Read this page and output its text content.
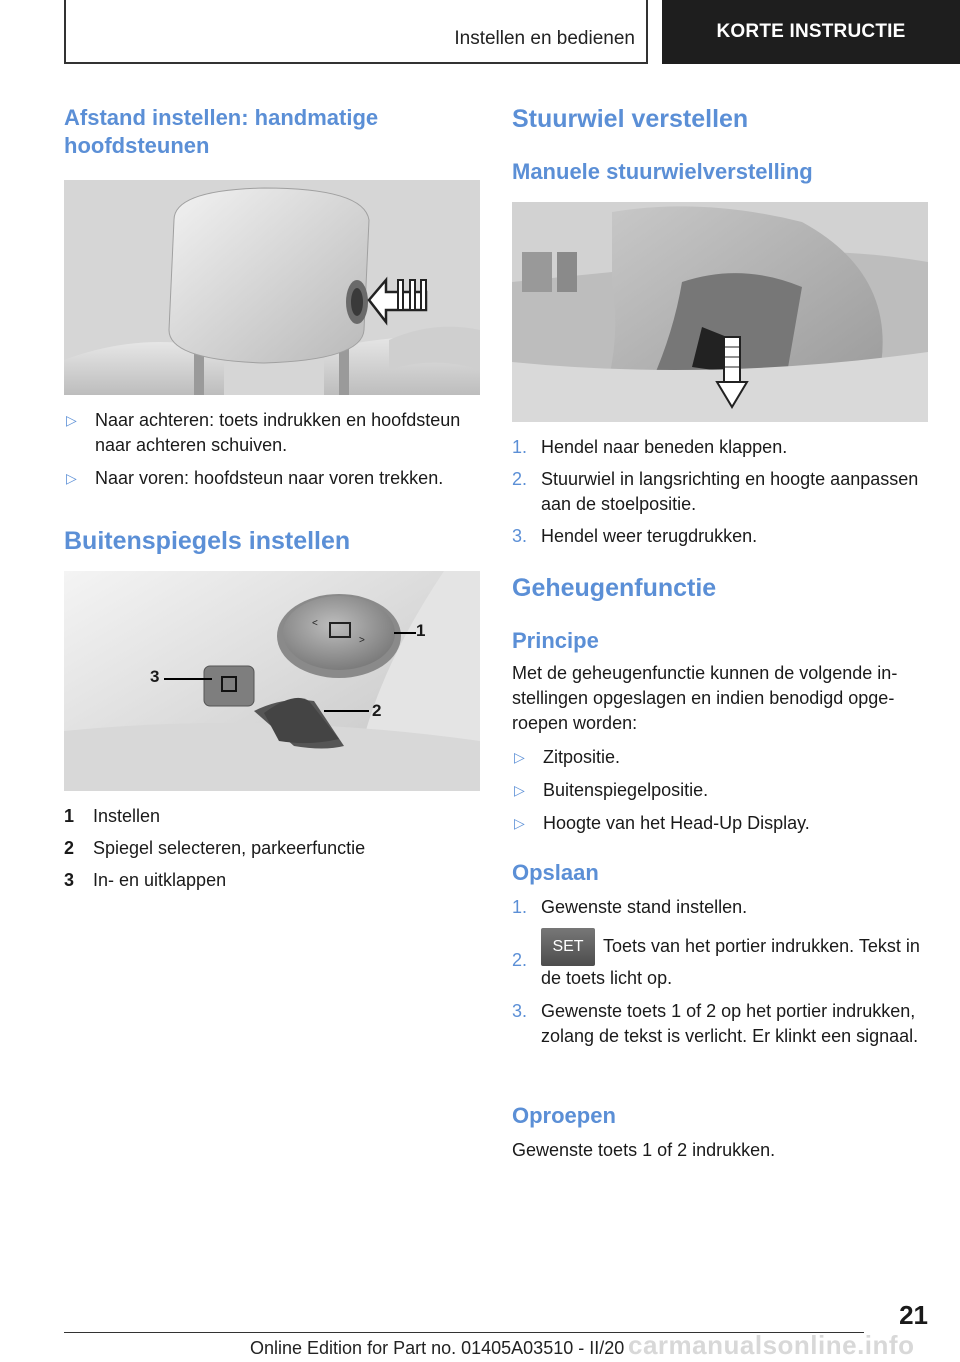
Instellen en bedienen	KORTE INSTRUCTIE
Afstand instellen: handmatige hoofdsteunen
▷	Naar achteren: toets indrukken en hoofdsteun naar achteren schuiven.
▷	Naar voren: hoofdsteun naar voren trekken.
Buitenspiegels instellen
<
>
1
2
3
1	Instellen
2	Spiegel selecteren, parkeerfunctie
3	In- en uitklappen
Stuurwiel verstellen
Manuele stuurwielverstelling
1. Hendel naar beneden klappen.
2. Stuurwiel in langsrichting en hoogte aanpassen aan de stoelpositie.
3. Hendel weer terugdrukken.
Geheugenfunctie
Principe
Met de geheugenfunctie kunnen de volgende instellingen opgeslagen en indien benodigd opgeroepen worden:
▷	Zitpositie.
▷	Buitenspiegelpositie.
▷	Hoogte van het Head-Up Display.
Opslaan
1. Gewenste stand instellen.
2.
SET Toets van het portier indrukken. Tekst in de toets licht op.
3. Gewenste toets 1 of 2 op het portier indrukken, zolang de tekst is verlicht. Er klinkt een signaal.
Oproepen
Gewenste toets 1 of 2 indrukken.
21
carmanualsonline.info
Online Edition for Part no. 01405A03510 - II/20
